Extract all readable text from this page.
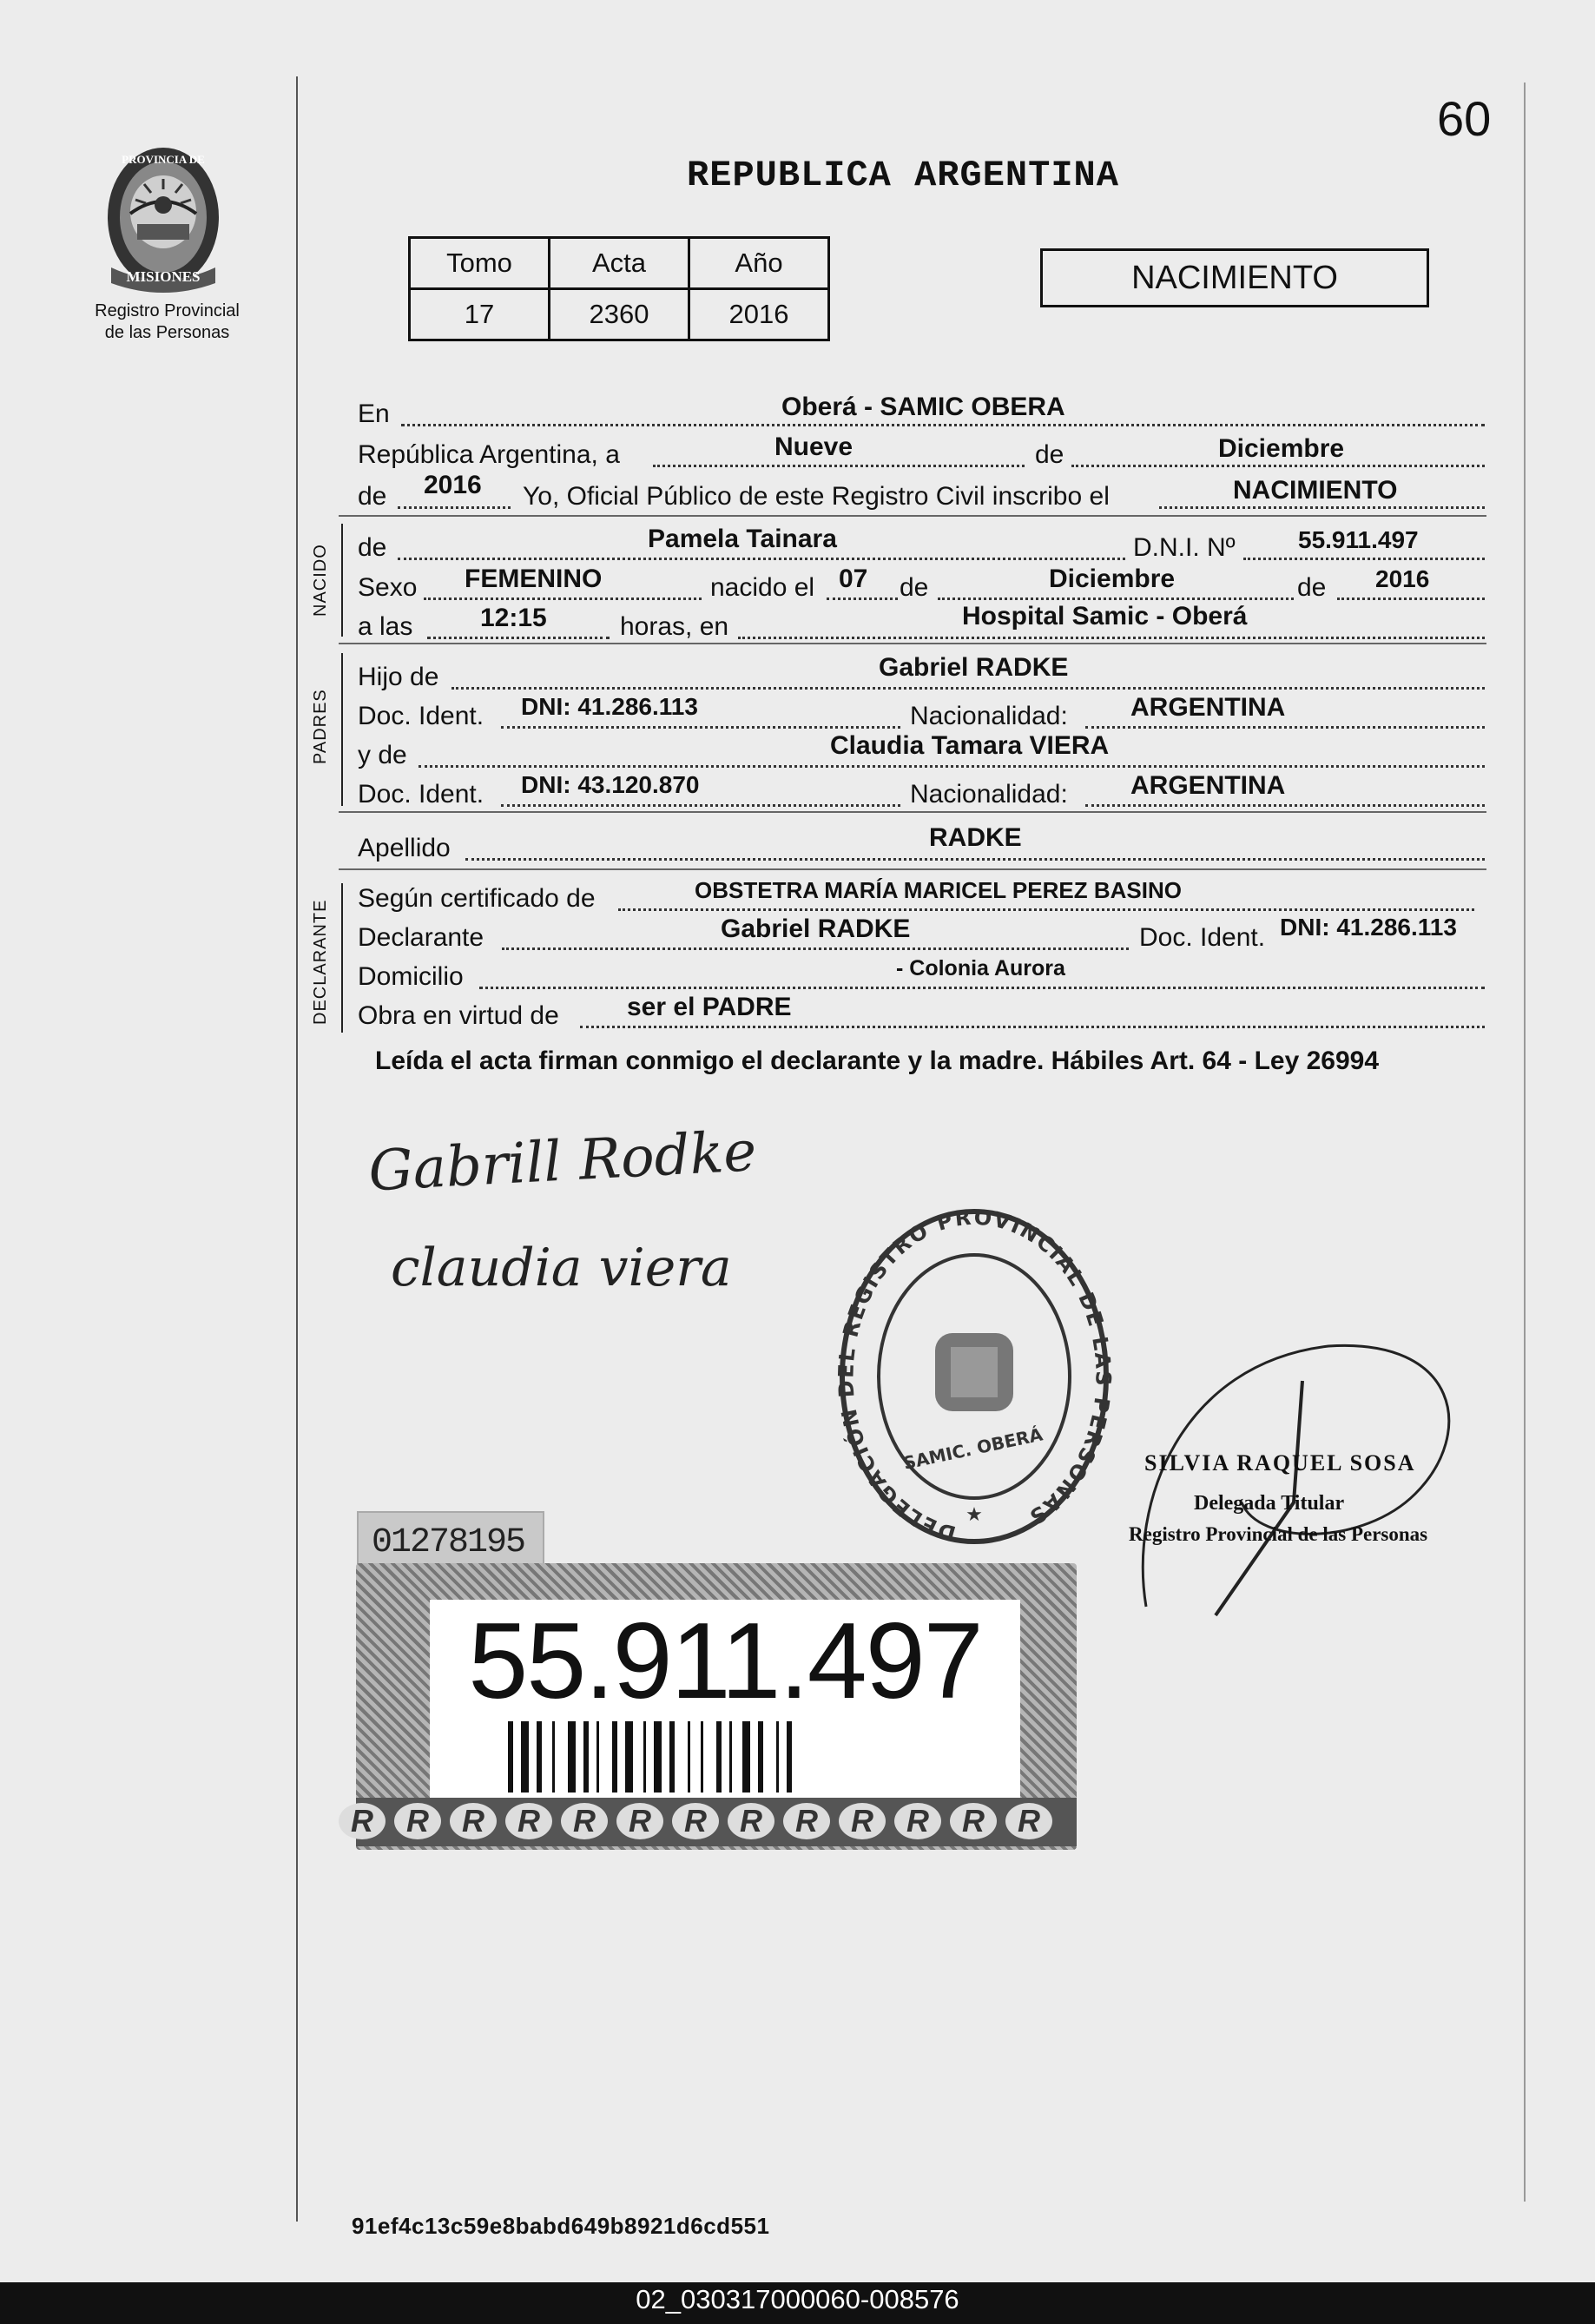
PROVINCIA DE
MISIONES
Registro Provincial
de las Personas
60
REPUBLICA ARGENTINA
Tomo	Acta	Año
17	2360	2016
NACIMIENTO
En	Oberá - SAMIC OBERA
República Argentina, a	Nueve	de	Diciembre
de 2016 Yo, Oficial Público de este Registro Civil inscribo el	NACIMIENTO
NACIDO de	Pamela Tainara	D.N.I. Nº	55.911.497
Sexo FEMENINO	nacido el 07 de	Diciembre	de 2016
a las	12:15	horas, en	Hospital Samic - Oberá
PADRES
Hijo de	Gabriel RADKE
Doc. Ident. DNI: 41.286.113	Nacionalidad: ARGENTINA
y de	Claudia Tamara VIERA
Doc. Ident. DNI: 43.120.870	Nacionalidad: ARGENTINA
Apellido	RADKE
DECLARANTE
Según certificado de	OBSTETRA MARÍA MARICEL PEREZ BASINO
Declarante	Gabriel RADKE	Doc. Ident. DNI: 41.286.113
Domicilio	- Colonia Aurora
Obra en virtud de	ser el PADRE
Leída el acta firman conmigo el declarante y la madre. Hábiles Art. 64 - Ley 26994
Gabrill Rodke
claudia viera
DELEGACIÓN DEL REGISTRO PROVINCIAL DE LAS PERSONAS
SAMIC. OBERÁ
★
SILVIA RAQUEL SOSA
Delegada Titular
Registro Provincial de las Personas
01278195
55.911.497
R	R	R	R	R	R	R	R	R	R	R	R	R
91ef4c13c59e8babd649b8921d6cd551
02_030317000060-008576
